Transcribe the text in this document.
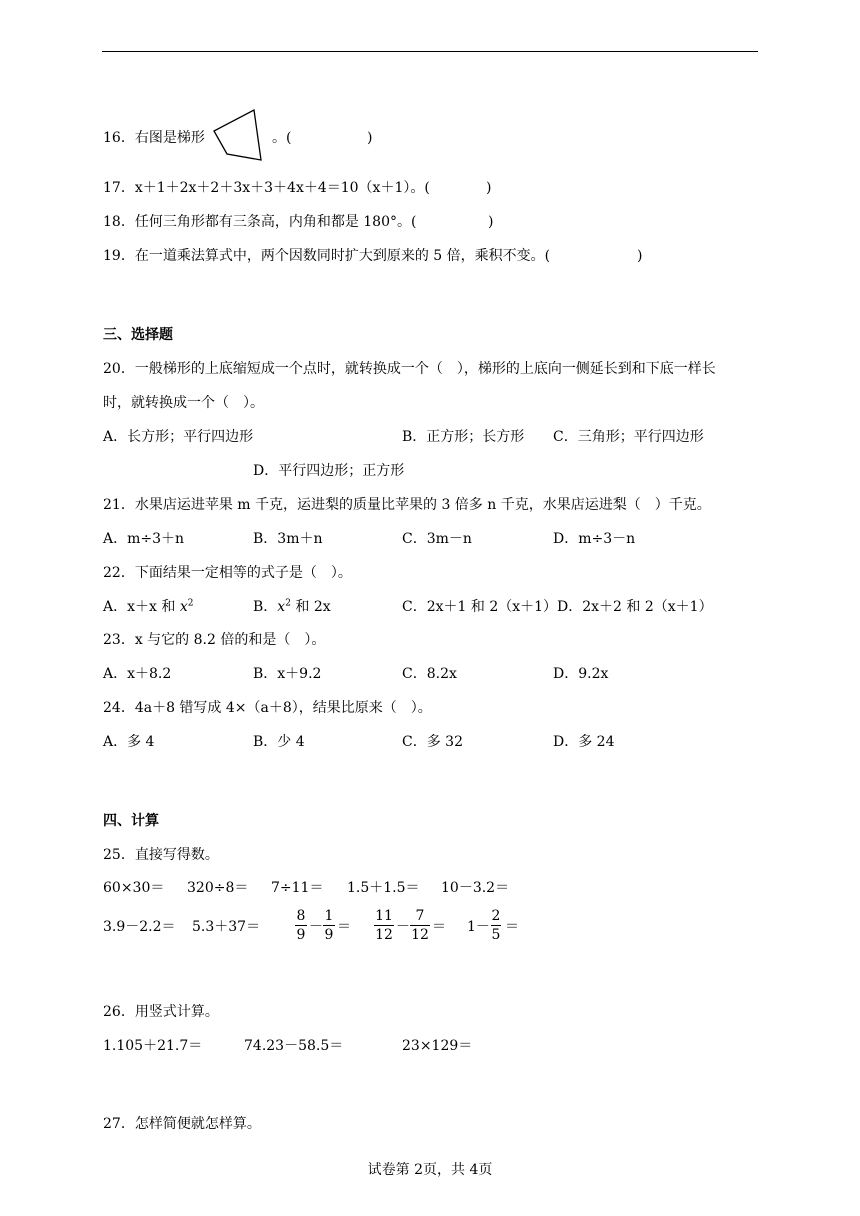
16．右图是梯形	。(	)
17．x＋1＋2x＋2＋3x＋3＋4x＋4＝10（x＋1）。(	)
18．任何三角形都有三条高，内角和都是 180°。(	)
19．在一道乘法算式中，两个因数同时扩大到原来的 5 倍，乘积不变。(	)
三、选择题
20．一般梯形的上底缩短成一个点时，就转换成一个（　），梯形的上底向一侧延长到和下底一样长
时，就转换成一个（　）。
A．长方形；平行四边形	B．正方形；长方形 C．三角形；平行四边形
D．平行四边形；正方形
21．水果店运进苹果 m 千克，运进梨的质量比苹果的 3 倍多 n 千克，水果店运进梨（　）千克。
A．m÷3＋n	B．3m＋n	C．3m－n	D．m÷3－n
22．下面结果一定相等的式子是（　）。
A．x＋x 和 $x^2$	B．$x^2$ 和 2x	C．2x＋1 和 2（x＋1）D．2x＋2 和 2（x＋1）
23．x 与它的 8.2 倍的和是（　）。
A．x＋8.2	B．x＋9.2	C．8.2x	D．9.2x
24．4a＋8 错写成 4×（a＋8），结果比原来（　）。
A．多 4	B．少 4	C．多 32	D．多 24
四、计算
25．直接写得数。
60×30＝ 320÷8＝ 7÷11＝ 1.5＋1.5＝ 10－3.2＝
3.9－2.2＝ 5.3＋37＝
8
9 －
1
9 ＝
11
12 －
7
12 ＝ 1－
2
5 ＝
26．用竖式计算。
1.105＋21.7＝	74.23－58.5＝	23×129＝
27．怎样简便就怎样算。
试卷第 2页，共 4页
